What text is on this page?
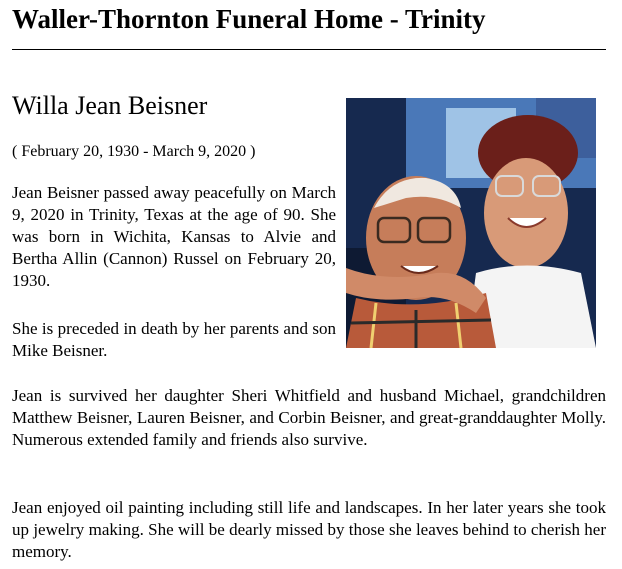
Waller-Thornton Funeral Home - Trinity
Willa Jean Beisner
( February 20, 1930 - March 9, 2020 )

Jean Beisner passed away peacefully on March 9, 2020 in Trinity, Texas at the age of 90. She was born in Wichita, Kansas to Alvie and Bertha Allin (Cannon) Russel on February 20, 1930.

She is preceded in death by her parents and son Mike Beisner.

Jean is survived her daughter Sheri Whitfield and husband Michael, grandchildren Matthew Beisner, Lauren Beisner, and Corbin Beisner, and great-granddaughter Molly. Numerous extended family and friends also survive.

Jean enjoyed oil painting including still life and landscapes. In her later years she took up jewelry making. She will be dearly missed by those she leaves behind to cherish her memory.
